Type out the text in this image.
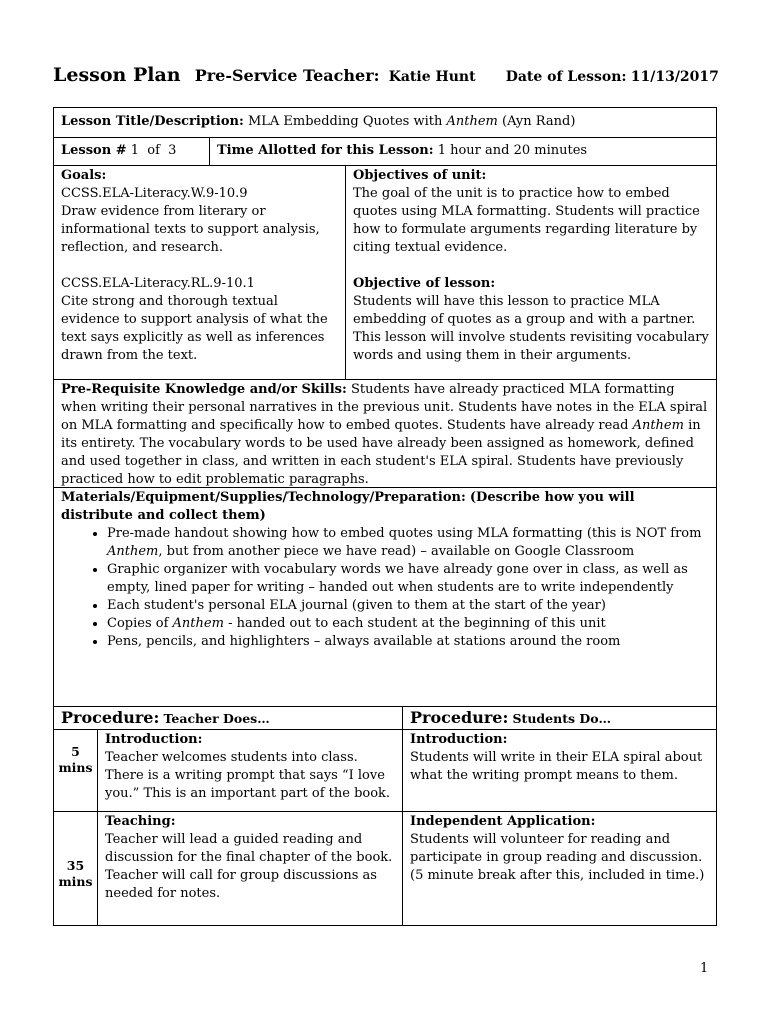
Lesson Plan Pre-Service Teacher: Katie Hunt Date of Lesson: 11/13/2017
Lesson Title/Description: MLA Embedding Quotes with Anthem (Ayn Rand)
Lesson # 1  of  3	Time Allotted for this Lesson: 1 hour and 20 minutes

Goals:

CCSS.ELA-Literacy.W.9-10.9

Draw evidence from literary or informational texts to support analysis, reflection, and research.

CCSS.ELA-Literacy.RL.9-10.1

Cite strong and thorough textual evidence to support analysis of what the text says explicitly as well as inferences drawn from the text.

Objectives of unit:

The goal of the unit is to practice how to embed quotes using MLA formatting. Students will practice how to formulate arguments regarding literature by citing textual evidence.

Objective of lesson:

Students will have this lesson to practice MLA embedding of quotes as a group and with a partner. This lesson will involve students revisiting vocabulary words and using them in their arguments.

Pre-Requisite Knowledge and/or Skills: Students have already practiced MLA formatting when writing their personal narratives in the previous unit. Students have notes in the ELA spiral on MLA formatting and specifically how to embed quotes. Students have already read Anthem in its entirety. The vocabulary words to be used have already been assigned as homework, defined and used together in class, and written in each student's ELA spiral. Students have previously practiced how to edit problematic paragraphs.

Materials/Equipment/Supplies/Technology/Preparation: (Describe how you will distribute and collect them)

• Pre-made handout showing how to embed quotes using MLA formatting (this is NOT from Anthem, but from another piece we have read) – available on Google Classroom
• Graphic organizer with vocabulary words we have already gone over in class, as well as empty, lined paper for writing – handed out when students are to write independently
• Each student's personal ELA journal (given to them at the start of the year)
• Copies of Anthem - handed out to each student at the beginning of this unit
• Pens, pencils, and highlighters – always available at stations around the room
Procedure: Teacher Does…	Procedure: Students Do…
5
mins

Introduction:

Teacher welcomes students into class. There is a writing prompt that says “I love you.” This is an important part of the book.

Introduction:

Students will write in their ELA spiral about what the writing prompt means to them.

35
mins

Teaching:

Teacher will lead a guided reading and discussion for the final chapter of the book. Teacher will call for group discussions as needed for notes.

Independent Application:

Students will volunteer for reading and participate in group reading and discussion. (5 minute break after this, included in time.)

1
